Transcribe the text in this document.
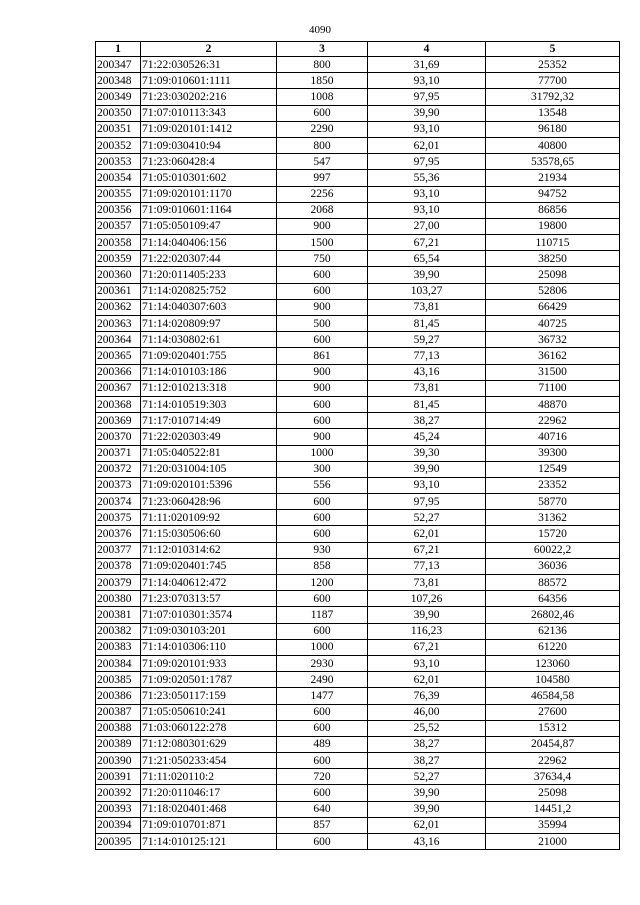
4090
1	2	3	4	5
200347	71:22:030526:31	800	31,69	25352
200348	71:09:010601:1111	1850	93,10	77700
200349	71:23:030202:216	1008	97,95	31792,32
200350	71:07:010113:343	600	39,90	13548
200351	71:09:020101:1412	2290	93,10	96180
200352	71:09:030410:94	800	62,01	40800
200353	71:23:060428:4	547	97,95	53578,65
200354	71:05:010301:602	997	55,36	21934
200355	71:09:020101:1170	2256	93,10	94752
200356	71:09:010601:1164	2068	93,10	86856
200357	71:05:050109:47	900	27,00	19800
200358	71:14:040406:156	1500	67,21	110715
200359	71:22:020307:44	750	65,54	38250
200360	71:20:011405:233	600	39,90	25098
200361	71:14:020825:752	600	103,27	52806
200362	71:14:040307:603	900	73,81	66429
200363	71:14:020809:97	500	81,45	40725
200364	71:14:030802:61	600	59,27	36732
200365	71:09:020401:755	861	77,13	36162
200366	71:14:010103:186	900	43,16	31500
200367	71:12:010213:318	900	73,81	71100
200368	71:14:010519:303	600	81,45	48870
200369	71:17:010714:49	600	38,27	22962
200370	71:22:020303:49	900	45,24	40716
200371	71:05:040522:81	1000	39,30	39300
200372	71:20:031004:105	300	39,90	12549
200373	71:09:020101:5396	556	93,10	23352
200374	71:23:060428:96	600	97,95	58770
200375	71:11:020109:92	600	52,27	31362
200376	71:15:030506:60	600	62,01	15720
200377	71:12:010314:62	930	67,21	60022,2
200378	71:09:020401:745	858	77,13	36036
200379	71:14:040612:472	1200	73,81	88572
200380	71:23:070313:57	600	107,26	64356
200381	71:07:010301:3574	1187	39,90	26802,46
200382	71:09:030103:201	600	116,23	62136
200383	71:14:010306:110	1000	67,21	61220
200384	71:09:020101:933	2930	93,10	123060
200385	71:09:020501:1787	2490	62,01	104580
200386	71:23:050117:159	1477	76,39	46584,58
200387	71:05:050610:241	600	46,00	27600
200388	71:03:060122:278	600	25,52	15312
200389	71:12:080301:629	489	38,27	20454,87
200390	71:21:050233:454	600	38,27	22962
200391	71:11:020110:2	720	52,27	37634,4
200392	71:20:011046:17	600	39,90	25098
200393	71:18:020401:468	640	39,90	14451,2
200394	71:09:010701:871	857	62,01	35994
200395	71:14:010125:121	600	43,16	21000
